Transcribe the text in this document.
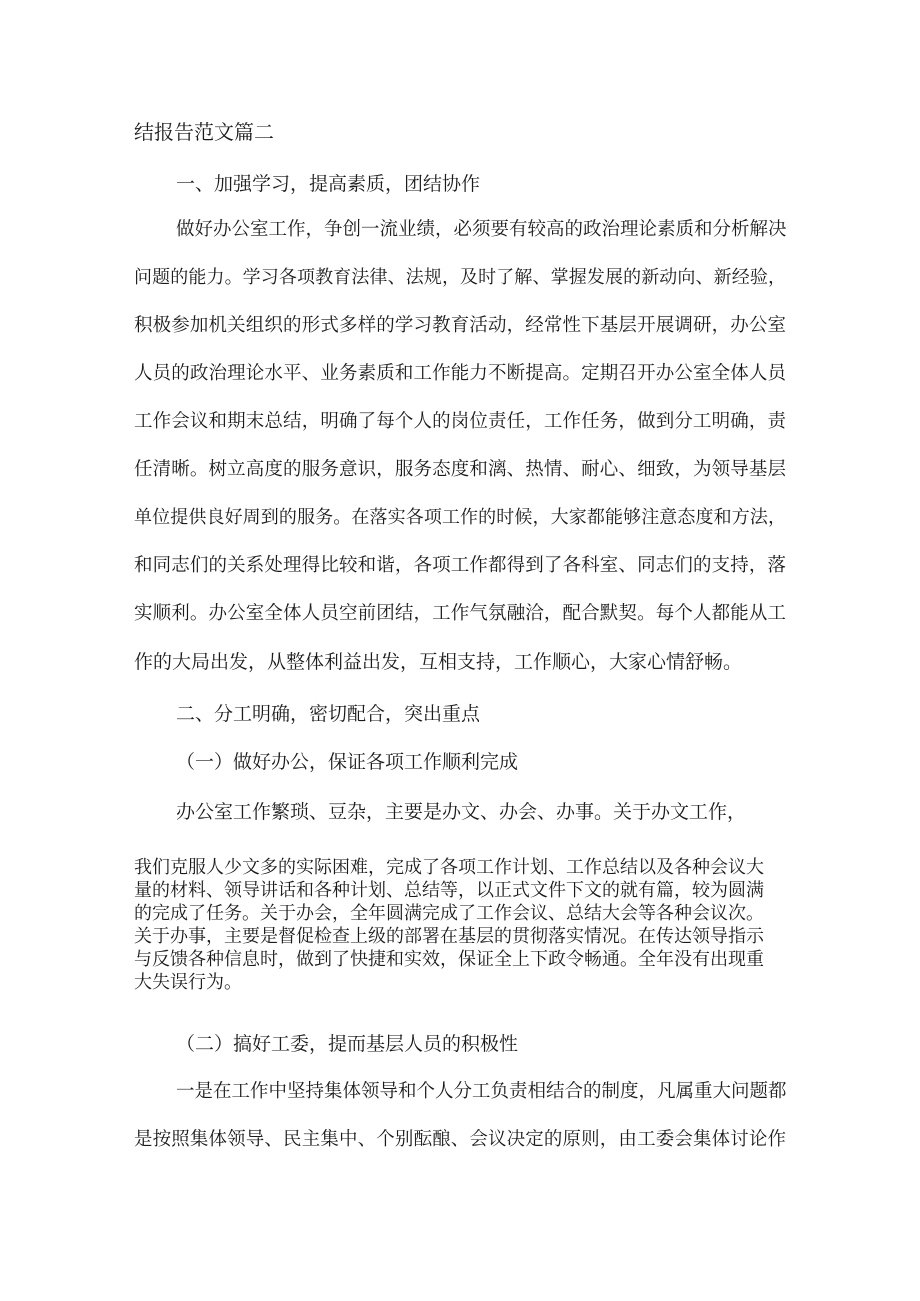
结报告范文篇二
一、加强学习，提高素质，团结协作
做好办公室工作，争创一流业绩，必须要有较高的政治理论素质和分析解决
问题的能力。学习各项教育法律、法规，及时了解、掌握发展的新动向、新经验，
积极参加机关组织的形式多样的学习教育活动，经常性下基层开展调研，办公室
人员的政治理论水平、业务素质和工作能力不断提高。定期召开办公室全体人员
工作会议和期末总结，明确了每个人的岗位责任，工作任务，做到分工明确，责
任清晰。树立高度的服务意识，服务态度和漓、热情、耐心、细致，为领导基层
单位提供良好周到的服务。在落实各项工作的时候，大家都能够注意态度和方法，
和同志们的关系处理得比较和谐，各项工作都得到了各科室、同志们的支持，落
实顺利。办公室全体人员空前团结，工作气氛融洽，配合默契。每个人都能从工
作的大局出发，从整体利益出发，互相支持，工作顺心，大家心情舒畅。
二、分工明确，密切配合，突出重点
（一）做好办公，保证各项工作顺利完成
办公室工作繁琐、豆杂，主要是办文、办会、办事。关于办文工作，
我们克服人少文多的实际困难，完成了各项工作计划、工作总结以及各种会议大
量的材料、领导讲话和各种计划、总结等，以正式文件下文的就有篇，较为圆满
的完成了任务。关于办会，全年圆满完成了工作会议、总结大会等各种会议次。
关于办事，主要是督促检查上级的部署在基层的贯彻落实情况。在传达领导指示
与反馈各种信息时，做到了快捷和实效，保证全上下政令畅通。全年没有出现重
大失误行为。
（二）搞好工委，提而基层人员的积极性
一是在工作中坚持集体领导和个人分工负责相结合的制度，凡属重大问题都
是按照集体领导、民主集中、个别酝酿、会议决定的原则，由工委会集体讨论作
